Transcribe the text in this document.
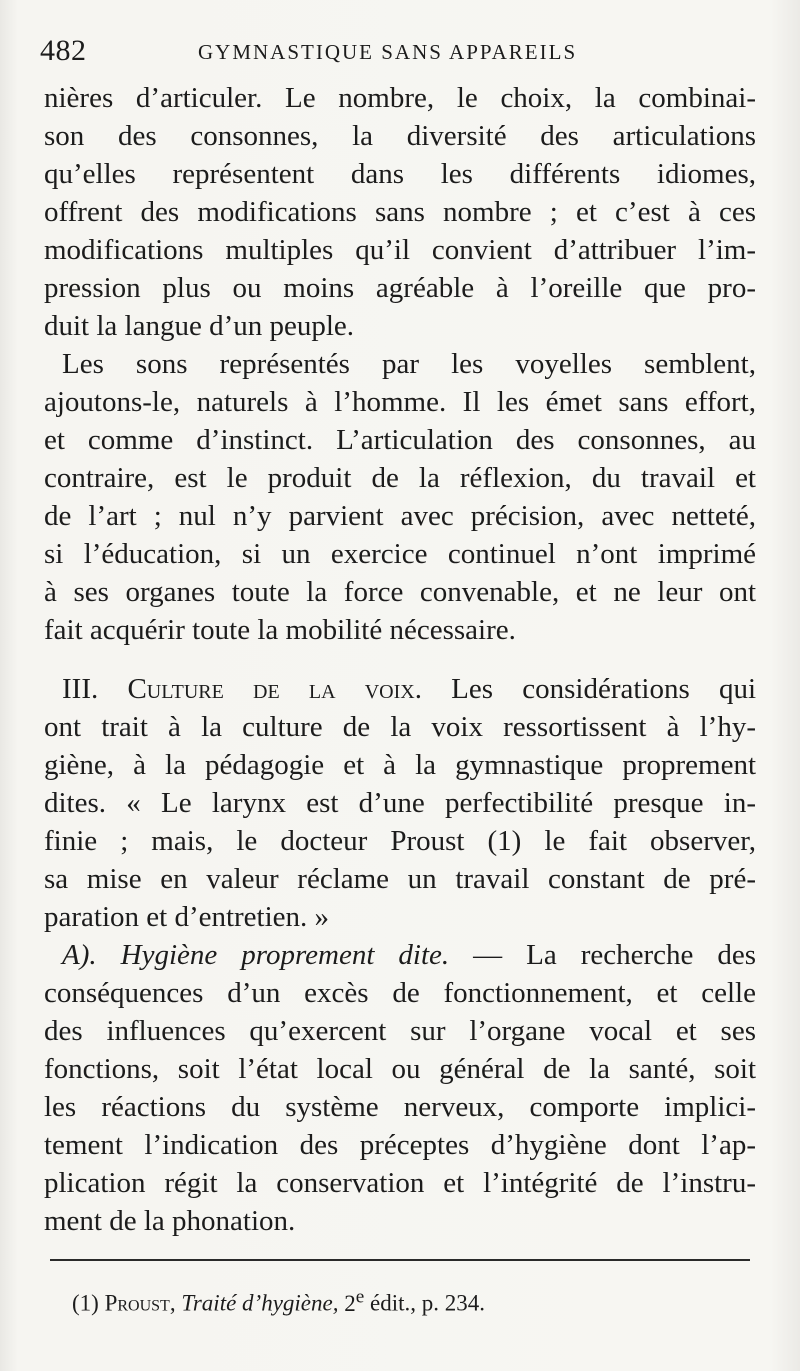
482	GYMNASTIQUE SANS APPAREILS
nières d’articuler. Le nombre, le choix, la combinai-
son des consonnes, la diversité des articulations
qu’elles représentent dans les différents idiomes,
offrent des modifications sans nombre ; et c’est à ces
modifications multiples qu’il convient d’attribuer l’im-
pression plus ou moins agréable à l’oreille que pro-
duit la langue d’un peuple.
Les sons représentés par les voyelles semblent,
ajoutons-le, naturels à l’homme. Il les émet sans effort,
et comme d’instinct. L’articulation des consonnes, au
contraire, est le produit de la réflexion, du travail et
de l’art ; nul n’y parvient avec précision, avec netteté,
si l’éducation, si un exercice continuel n’ont imprimé
à ses organes toute la force convenable, et ne leur ont
fait acquérir toute la mobilité nécessaire.
III. Culture de la voix. Les considérations qui
ont trait à la culture de la voix ressortissent à l’hy-
giène, à la pédagogie et à la gymnastique proprement
dites. « Le larynx est d’une perfectibilité presque in-
finie ; mais, le docteur Proust (1) le fait observer,
sa mise en valeur réclame un travail constant de pré-
paration et d’entretien. »
A). Hygiène proprement dite. — La recherche des
conséquences d’un excès de fonctionnement, et celle
des influences qu’exercent sur l’organe vocal et ses
fonctions, soit l’état local ou général de la santé, soit
les réactions du système nerveux, comporte implici-
tement l’indication des préceptes d’hygiène dont l’ap-
plication régit la conservation et l’intégrité de l’instru-
ment de la phonation.
(1) Proust, Traité d’hygiène, 2e édit., p. 234.
